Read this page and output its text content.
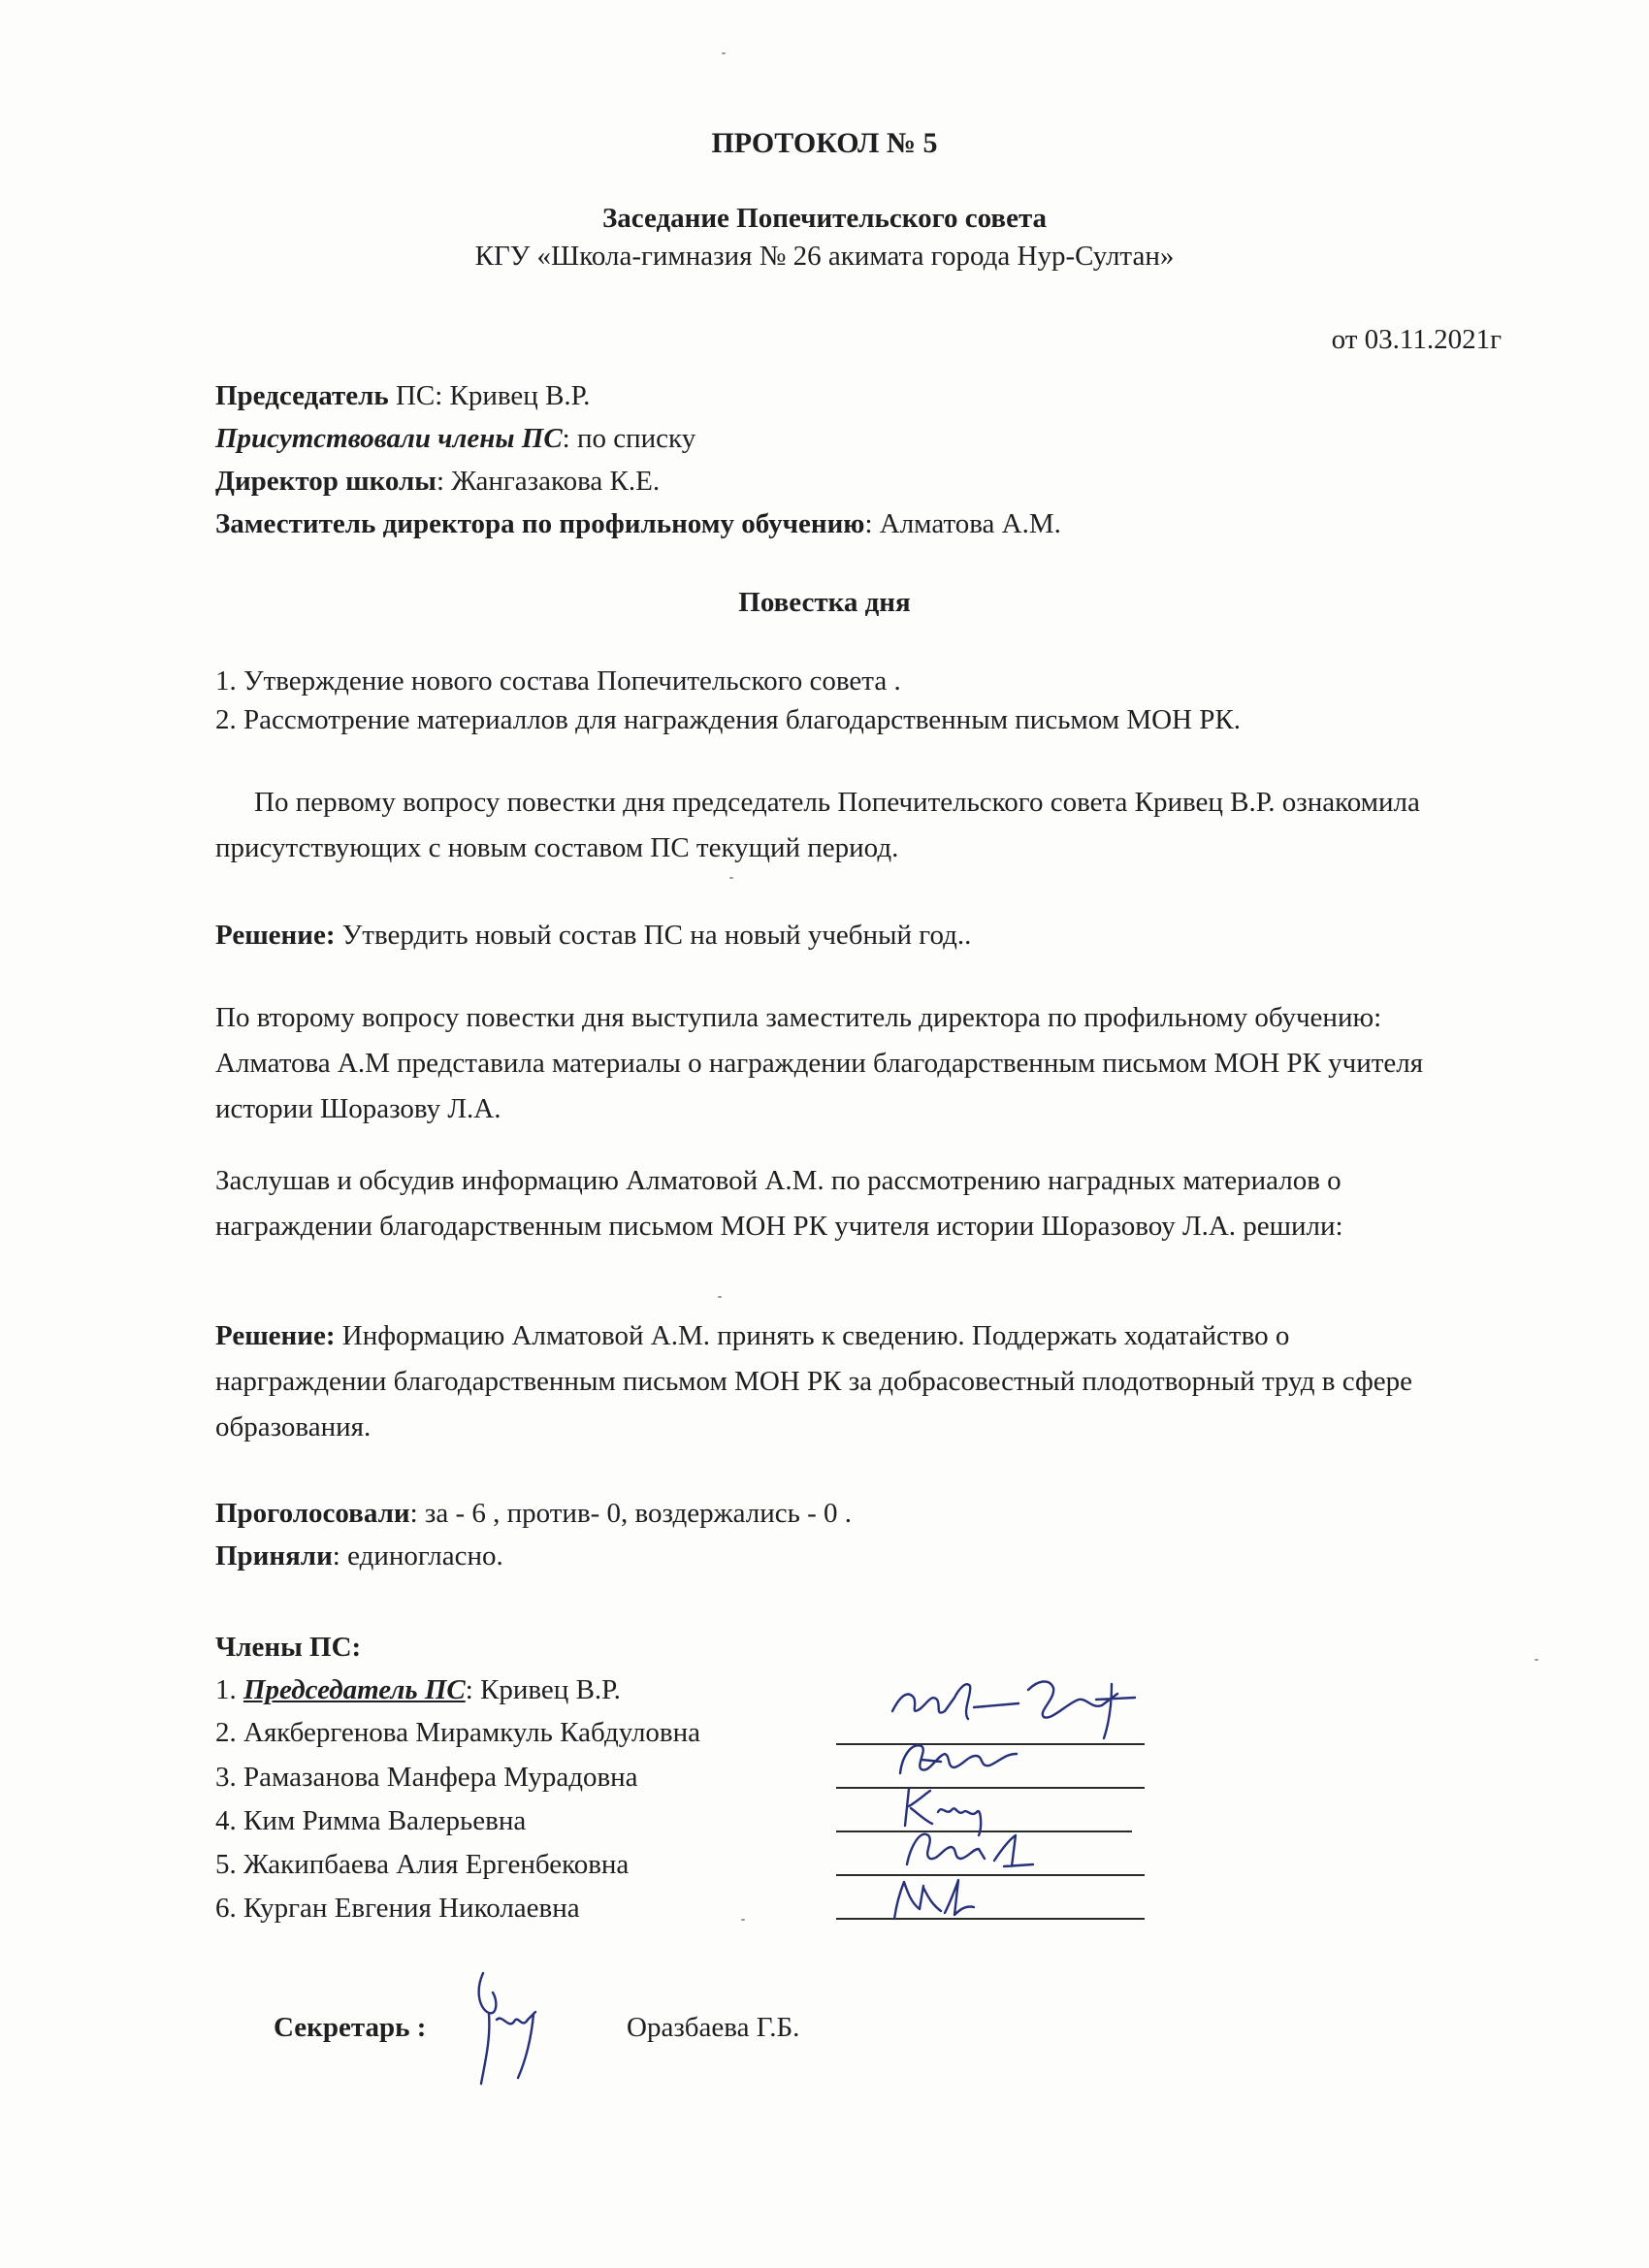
ПРОТОКОЛ № 5
Заседание Попечительского совета
КГУ «Школа-гимназия № 26 акимата города Нур-Султан»
от 03.11.2021г
Председатель ПС: Кривец В.Р.
Присутствовали члены ПС: по списку
Директор школы: Жангазакова К.Е.
Заместитель директора по профильному обучению: Алматова А.М.
Повестка дня
1. Утверждение нового состава Попечительского совета .
2. Рассмотрение материаллов для награждения благодарственным письмом МОН РК.
По первому вопросу повестки дня председатель Попечительского совета Кривец В.Р. ознакомила присутствующих с новым составом ПС текущий период.
Решение: Утвердить новый состав ПС на новый учебный год..
По второму вопросу повестки дня выступила заместитель директора по профильному обучению: Алматова А.М представила материалы о награждении благодарственным письмом МОН РК учителя истории Шоразову Л.А.
Заслушав и обсудив информацию Алматовой А.М. по рассмотрению наградных материалов о награждении благодарственным письмом МОН РК учителя истории Шоразовоу Л.А. решили:
Решение: Информацию Алматовой А.М. принять к сведению. Поддержать ходатайство о нарграждении благодарственным письмом МОН РК за добрасовестный плодотворный труд в сфере образования.
Проголосовали: за - 6 , против- 0, воздержались - 0 .
Приняли: единогласно.
Члены ПС:
1. Председатель ПС: Кривец В.Р.
2. Аякбергенова Мирамкуль Кабдуловна
3. Рамазанова Манфера Мурадовна
4. Ким Римма Валерьевна
5. Жакипбаева Алия Ергенбековна
6. Курган Евгения Николаевна
Секретарь :	Оразбаева Г.Б.
